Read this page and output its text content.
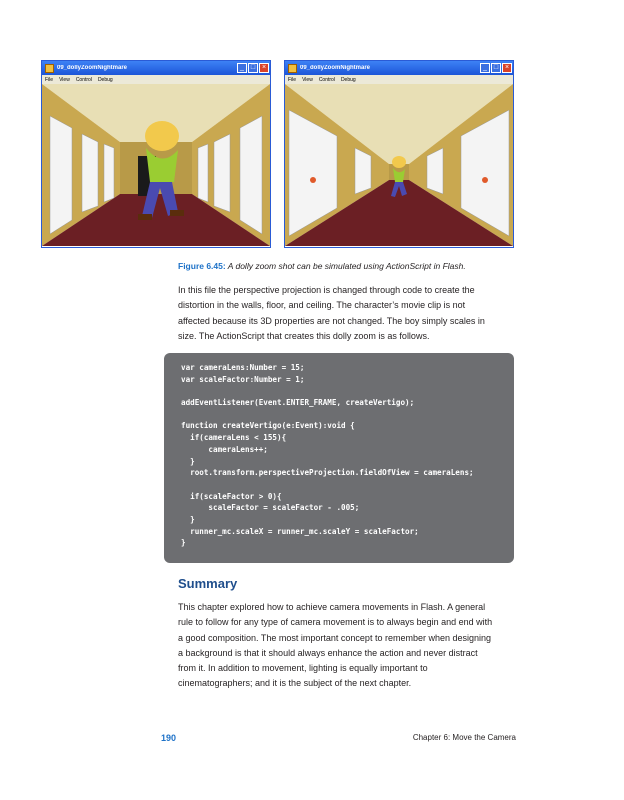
09_dollyZoomNightmare	_ □ ×
File View Control Debug
09_dollyZoomNightmare	_ □ ×
File View Control Debug
Figure 6.45: A dolly zoom shot can be simulated using ActionScript in Flash.

In this file the perspective projection is changed through code to create the distortion in the walls, floor, and ceiling. The character’s movie clip is not affected because its 3D properties are not changed. The boy simply scales in size. The ActionScript that creates this dolly zoom is as follows.

var cameraLens:Number = 15;
var scaleFactor:Number = 1;
addEventListener(Event.ENTER_FRAME, createVertigo);
function createVertigo(e:Event):void {
if(cameraLens < 155){
cameraLens++;
}
root.transform.perspectiveProjection.fieldOfView = cameraLens;
if(scaleFactor > 0){
scaleFactor = scaleFactor - .005;
}
runner_mc.scaleX = runner_mc.scaleY = scaleFactor;
}
Summary

This chapter explored how to achieve camera movements in Flash. A general rule to follow for any type of camera movement is to always begin and end with a good composition. The most important concept to remember when designing a background is that it should always enhance the action and never distract from it. In addition to movement, lighting is equally important to cinematographers; and it is the subject of the next chapter.

190	Chapter 6: Move the Camera
